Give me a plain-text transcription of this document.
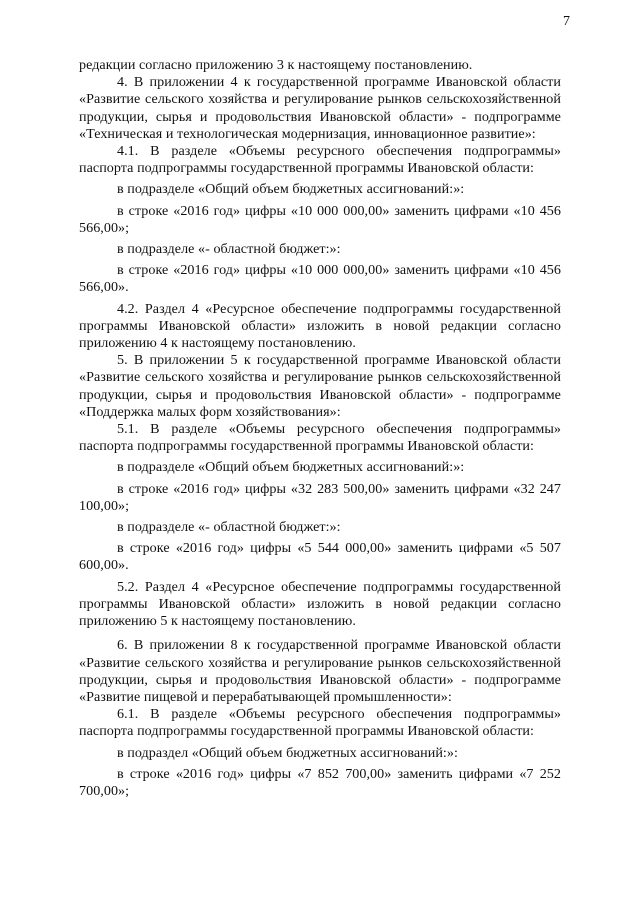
7

редакции согласно приложению 3 к настоящему постановлению.

4. В приложении 4 к государственной программе Ивановской области «Развитие сельского хозяйства и регулирование рынков сельскохозяйственной продукции, сырья и продовольствия Ивановской области» - подпрограмме «Техническая и технологическая модернизация, инновационное развитие»:

4.1. В разделе «Объемы ресурсного обеспечения подпрограммы» паспорта подпрограммы государственной программы Ивановской области:

в подразделе «Общий объем бюджетных ассигнований:»:

в строке «2016 год» цифры «10 000 000,00» заменить цифрами «10 456 566,00»;

в подразделе «- областной бюджет:»:

в строке «2016 год» цифры «10 000 000,00» заменить цифрами «10 456 566,00».

4.2. Раздел 4 «Ресурсное обеспечение подпрограммы государственной программы Ивановской области» изложить в новой редакции согласно приложению 4 к настоящему постановлению.

5. В приложении 5 к государственной программе Ивановской области «Развитие сельского хозяйства и регулирование рынков сельскохозяйственной продукции, сырья и продовольствия Ивановской области» - подпрограмме «Поддержка малых форм хозяйствования»:

5.1. В разделе «Объемы ресурсного обеспечения подпрограммы» паспорта подпрограммы государственной программы Ивановской области:

в подразделе «Общий объем бюджетных ассигнований:»:

в строке «2016 год» цифры «32 283 500,00» заменить цифрами «32 247 100,00»;

в подразделе «- областной бюджет:»:

в строке «2016 год» цифры «5 544 000,00» заменить цифрами «5 507 600,00».

5.2. Раздел 4 «Ресурсное обеспечение подпрограммы государственной программы Ивановской области» изложить в новой редакции согласно приложению 5 к настоящему постановлению.

6. В приложении 8 к государственной программе Ивановской области «Развитие сельского хозяйства и регулирование рынков сельскохозяйственной продукции, сырья и продовольствия Ивановской области» - подпрограмме «Развитие пищевой и перерабатывающей промышленности»:

6.1. В разделе «Объемы ресурсного обеспечения подпрограммы» паспорта подпрограммы государственной программы Ивановской области:

в подраздел «Общий объем бюджетных ассигнований:»:

в строке «2016 год» цифры «7 852 700,00» заменить цифрами «7 252 700,00»;
